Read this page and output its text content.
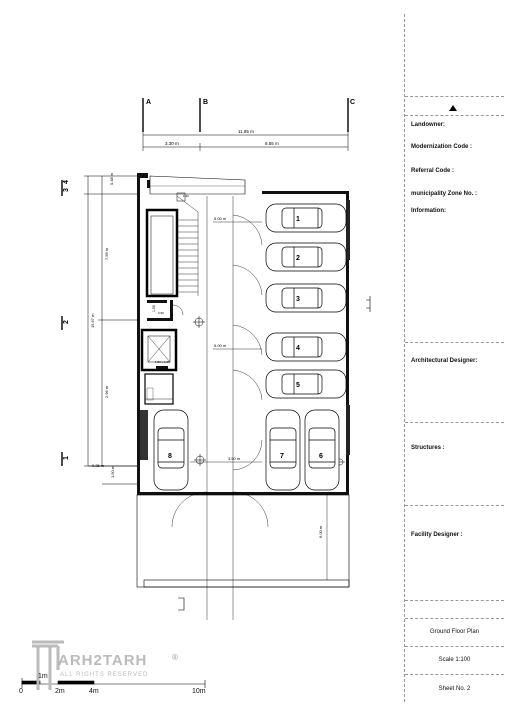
A	B	C
11.85 m
3.30 m	8.55 m
3
4
2
1
0.48 m
7.56 m
15.67 m
2.96 m
0.35 m
1.50 m
1.90
1.56
0.90
1.80 x 1.60
5.00 m
5.00 m
3.50 m
6.00 m
1
2
3
4
5
6
7
8
ARH2TARH
ALL RIGHTS RESERVED
®
1m
0	2m	4m	10m
Landowner:
Modernization Code :
Referral Code :
municipality Zone No. :
Information:
Architectural Designer:
Structures :
Facility Designer :
Ground Floor Plan
Scale 1:100
Sheet No. 2
